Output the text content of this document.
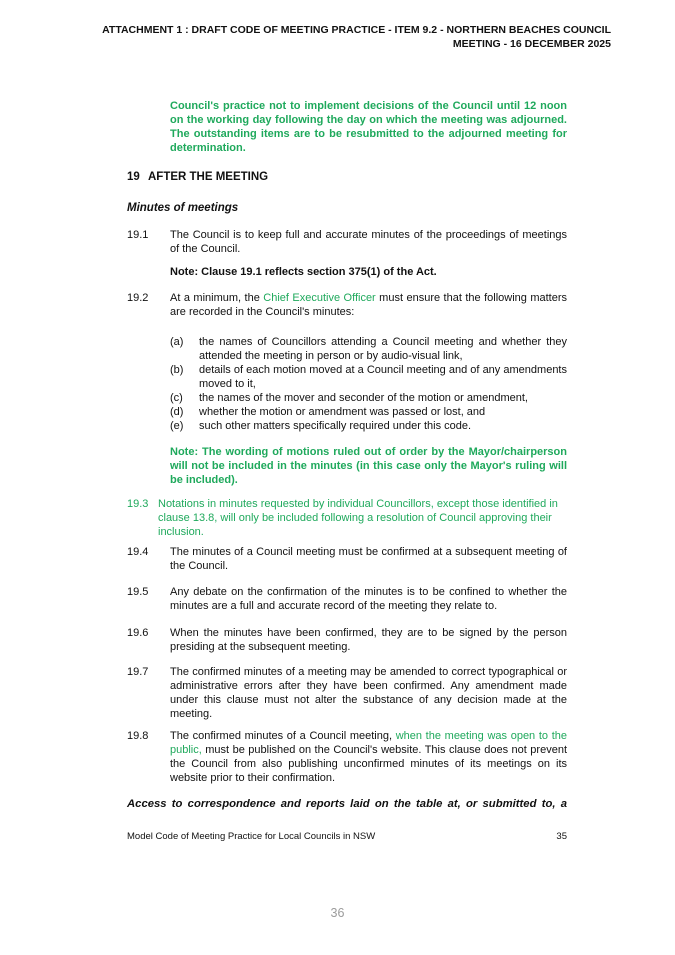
ATTACHMENT 1 : DRAFT CODE OF MEETING PRACTICE - ITEM 9.2 - NORTHERN BEACHES COUNCIL MEETING - 16 DECEMBER 2025

Council's practice not to implement decisions of the Council until 12 noon on the working day following the day on which the meeting was adjourned. The outstanding items are to be resubmitted to the adjourned meeting for determination.

19 AFTER THE MEETING
Minutes of meetings
19.1	The Council is to keep full and accurate minutes of the proceedings of meetings of the Council.

Note: Clause 19.1 reflects section 375(1) of the Act.

19.2	At a minimum, the Chief Executive Officer must ensure that the following matters are recorded in the Council's minutes:
(a)	the names of Councillors attending a Council meeting and whether they attended the meeting in person or by audio-visual link,
(b)	details of each motion moved at a Council meeting and of any amendments moved to it,
(c)	the names of the mover and seconder of the motion or amendment,
(d)	whether the motion or amendment was passed or lost, and
(e)	such other matters specifically required under this code.

Note: The wording of motions ruled out of order by the Mayor/chairperson will not be included in the minutes (in this case only the Mayor's ruling will be included).

19.3 Notations in minutes requested by individual Councillors, except those identified in clause 13.8, will only be included following a resolution of Council approving their inclusion.
19.4	The minutes of a Council meeting must be confirmed at a subsequent meeting of the Council.
19.5	Any debate on the confirmation of the minutes is to be confined to whether the minutes are a full and accurate record of the meeting they relate to.
19.6	When the minutes have been confirmed, they are to be signed by the person presiding at the subsequent meeting.
19.7	The confirmed minutes of a meeting may be amended to correct typographical or administrative errors after they have been confirmed. Any amendment made under this clause must not alter the substance of any decision made at the meeting.
19.8	The confirmed minutes of a Council meeting, when the meeting was open to the public, must be published on the Council's website. This clause does not prevent the Council from also publishing unconfirmed minutes of its meetings on its website prior to their confirmation.

Access to correspondence and reports laid on the table at, or submitted to, a

Model Code of Meeting Practice for Local Councils in NSW	35
36
